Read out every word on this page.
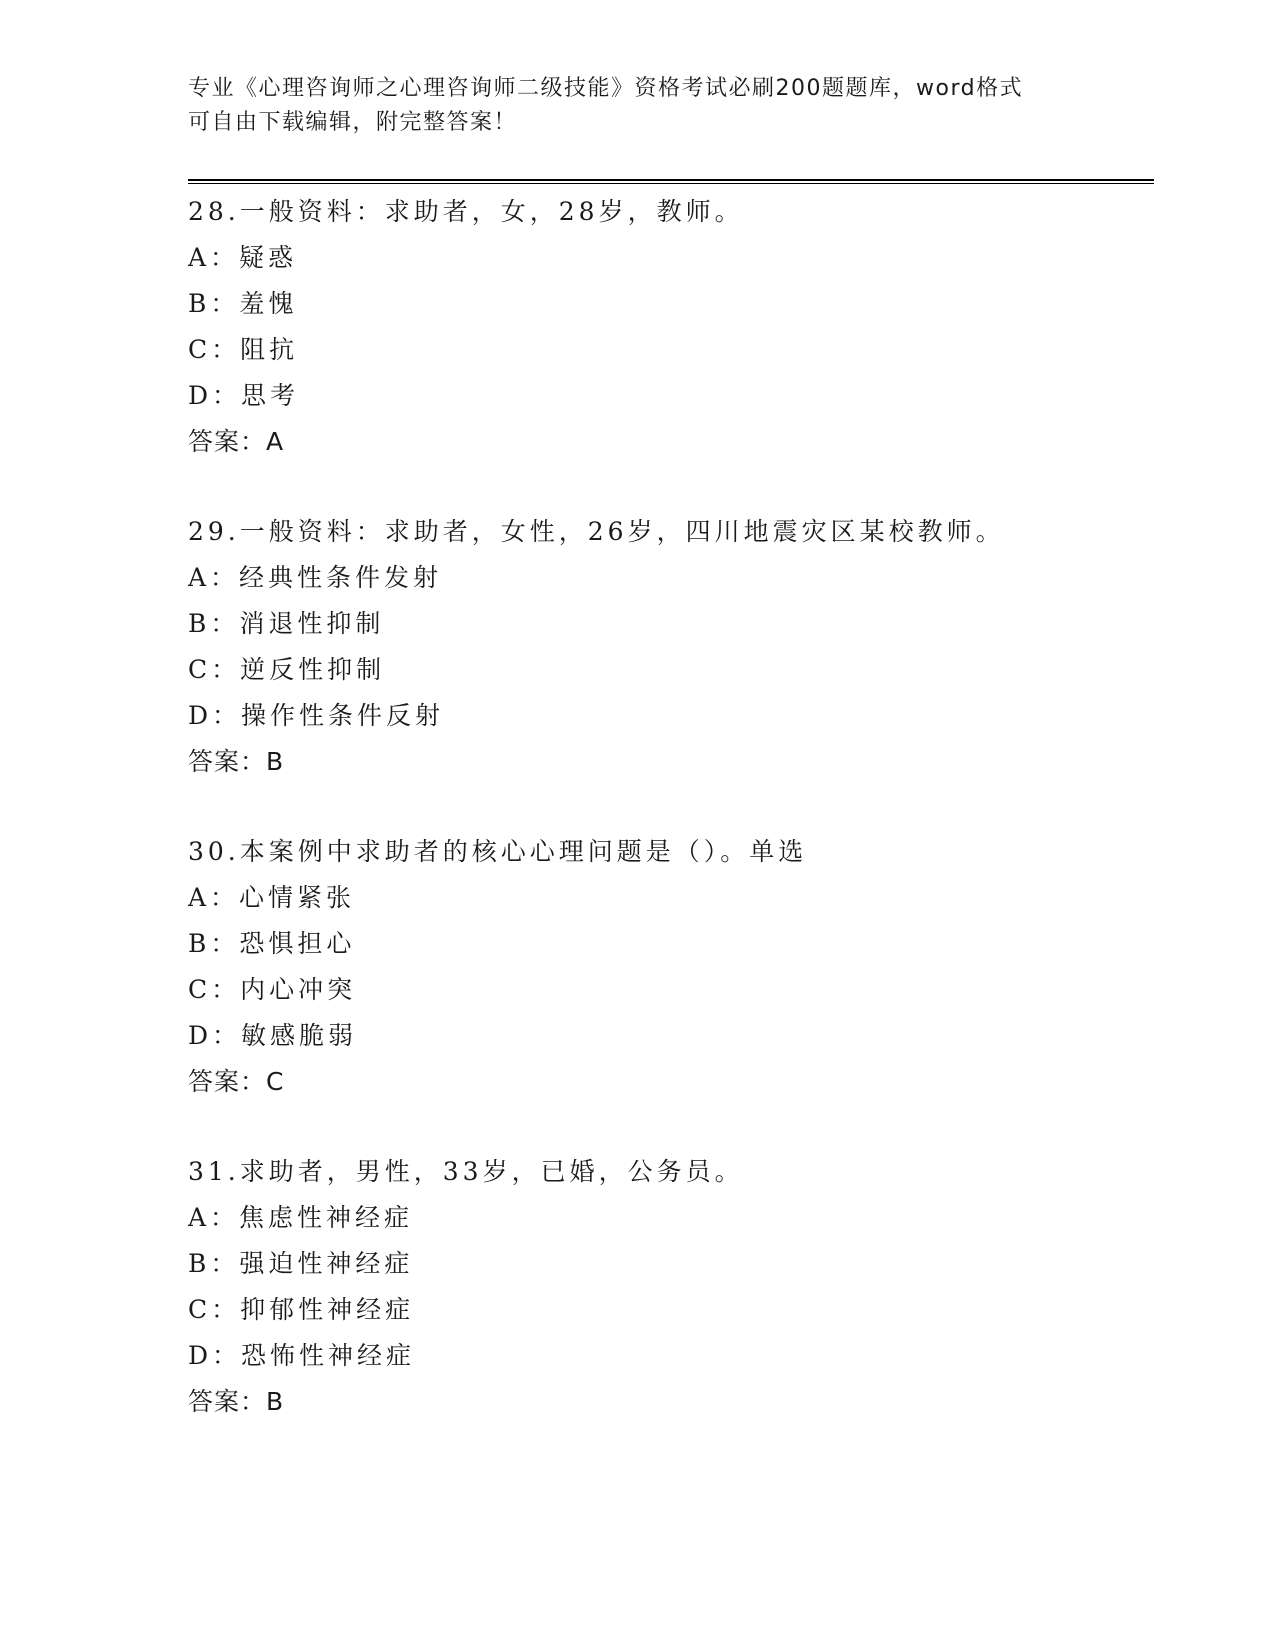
专业《心理咨询师之心理咨询师二级技能》资格考试必刷200题题库，word格式
可自由下载编辑，附完整答案！
28.一般资料：求助者，女，28岁，教师。
A：疑惑
B：羞愧
C：阻抗
D：思考
答案：A
29.一般资料：求助者，女性，26岁，四川地震灾区某校教师。
A：经典性条件发射
B：消退性抑制
C：逆反性抑制
D：操作性条件反射
答案：B
30.本案例中求助者的核心心理问题是（）。单选
A：心情紧张
B：恐惧担心
C：内心冲突
D：敏感脆弱
答案：C
31.求助者，男性，33岁，已婚，公务员。
A：焦虑性神经症
B：强迫性神经症
C：抑郁性神经症
D：恐怖性神经症
答案：B
